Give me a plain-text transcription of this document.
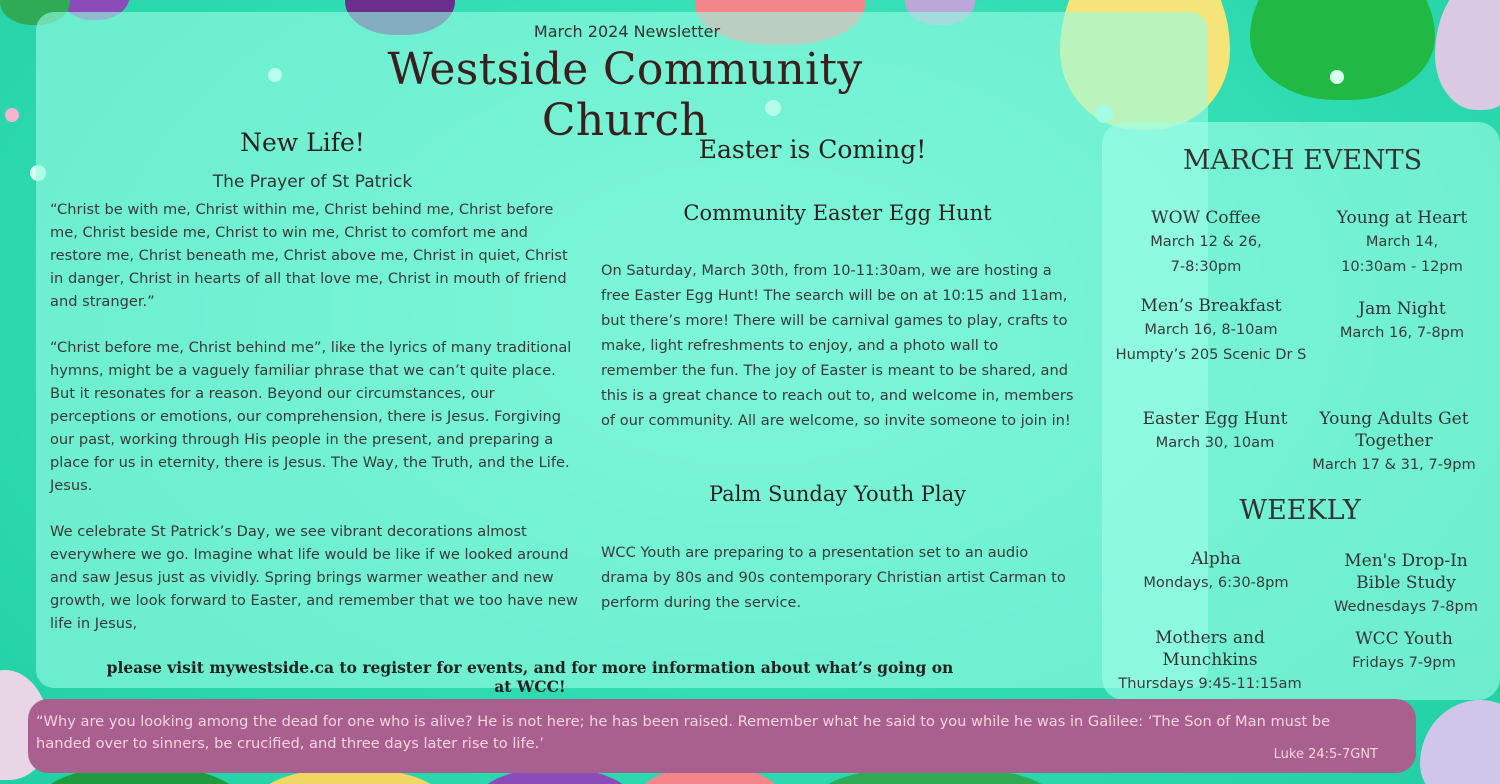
March 2024 Newsletter
Westside Community Church
New Life!
The Prayer of St Patrick

“Christ be with me, Christ within me, Christ behind me, Christ before me, Christ beside me, Christ to win me, Christ to comfort me and restore me, Christ beneath me, Christ above me, Christ in quiet, Christ in danger, Christ in hearts of all that love me, Christ in mouth of friend and stranger.”

“Christ before me, Christ behind me”, like the lyrics of many traditional hymns, might be a vaguely familiar phrase that we can’t quite place. But it resonates for a reason. Beyond our circumstances, our perceptions or emotions, our comprehension, there is Jesus. Forgiving our past, working through His people in the present, and preparing a place for us in eternity, there is Jesus. The Way, the Truth, and the Life. Jesus.

We celebrate St Patrick’s Day, we see vibrant decorations almost everywhere we go. Imagine what life would be like if we looked around and saw Jesus just as vividly. Spring brings warmer weather and new growth, we look forward to Easter, and remember that we too have new life in Jesus,

Easter is Coming!
Community Easter Egg Hunt
On Saturday, March 30th, from 10-11:30am, we are hosting a free Easter Egg Hunt! The search will be on at 10:15 and 11am, but there’s more! There will be carnival games to play, crafts to make, light refreshments to enjoy, and a photo wall to remember the fun. The joy of Easter is meant to be shared, and this is a great chance to reach out to, and welcome in, members of our community. All are welcome, so invite someone to join in!
Palm Sunday Youth Play
WCC Youth are preparing to a presentation set to an audio drama by 80s and 90s contemporary Christian artist Carman to perform during the service.
please visit mywestside.ca to register for events, and for more information about what’s going on at WCC!
MARCH EVENTS
WOW Coffee
March 12 & 26,
7-8:30pm
Young at Heart
March 14,
10:30am - 12pm
Men’s Breakfast
March 16, 8-10am
Humpty’s 205 Scenic Dr S
Jam Night
March 16, 7-8pm
Easter Egg Hunt
March 30, 10am
Young Adults Get
Together
March 17 & 31, 7-9pm
WEEKLY
Alpha
Mondays, 6:30-8pm
Men's Drop-In
Bible Study
Wednesdays 7-8pm
Mothers and
Munchkins
Thursdays 9:45-11:15am
WCC Youth
Fridays 7-9pm
“Why are you looking among the dead for one who is alive? He is not here; he has been raised. Remember what he said to you while he was in Galilee: ‘The Son of Man must be handed over to sinners, be crucified, and three days later rise to life.’
Luke 24:5-7GNT
